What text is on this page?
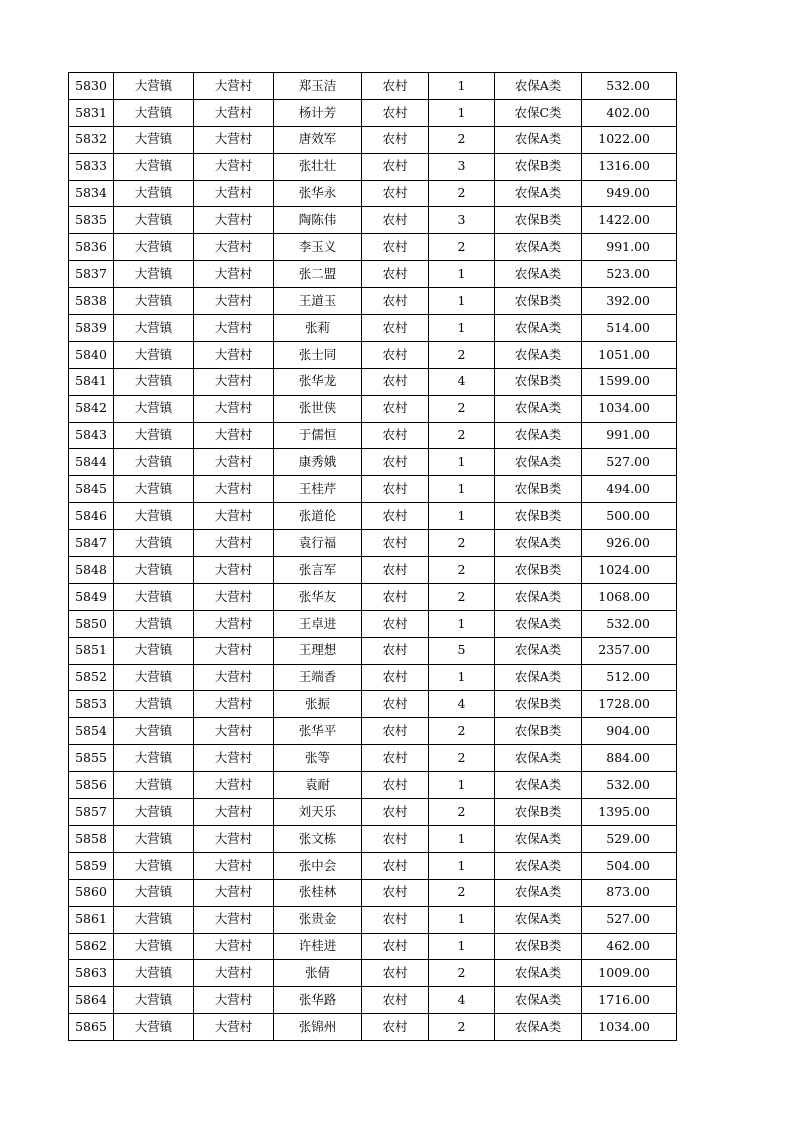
5830	大营镇	大营村	郑玉洁	农村	1	农保A类	532.00
5831	大营镇	大营村	杨计芳	农村	1	农保C类	402.00
5832	大营镇	大营村	唐效军	农村	2	农保A类	1022.00
5833	大营镇	大营村	张壮壮	农村	3	农保B类	1316.00
5834	大营镇	大营村	张华永	农村	2	农保A类	949.00
5835	大营镇	大营村	陶陈伟	农村	3	农保B类	1422.00
5836	大营镇	大营村	李玉义	农村	2	农保A类	991.00
5837	大营镇	大营村	张二盟	农村	1	农保A类	523.00
5838	大营镇	大营村	王道玉	农村	1	农保B类	392.00
5839	大营镇	大营村	张莉	农村	1	农保A类	514.00
5840	大营镇	大营村	张士同	农村	2	农保A类	1051.00
5841	大营镇	大营村	张华龙	农村	4	农保B类	1599.00
5842	大营镇	大营村	张世侠	农村	2	农保A类	1034.00
5843	大营镇	大营村	于儒恒	农村	2	农保A类	991.00
5844	大营镇	大营村	康秀娥	农村	1	农保A类	527.00
5845	大营镇	大营村	王桂芹	农村	1	农保B类	494.00
5846	大营镇	大营村	张道伦	农村	1	农保B类	500.00
5847	大营镇	大营村	袁行福	农村	2	农保A类	926.00
5848	大营镇	大营村	张言军	农村	2	农保B类	1024.00
5849	大营镇	大营村	张华友	农村	2	农保A类	1068.00
5850	大营镇	大营村	王卓进	农村	1	农保A类	532.00
5851	大营镇	大营村	王理想	农村	5	农保A类	2357.00
5852	大营镇	大营村	王端香	农村	1	农保A类	512.00
5853	大营镇	大营村	张振	农村	4	农保B类	1728.00
5854	大营镇	大营村	张华平	农村	2	农保B类	904.00
5855	大营镇	大营村	张等	农村	2	农保A类	884.00
5856	大营镇	大营村	袁耐	农村	1	农保A类	532.00
5857	大营镇	大营村	刘天乐	农村	2	农保B类	1395.00
5858	大营镇	大营村	张文栋	农村	1	农保A类	529.00
5859	大营镇	大营村	张中会	农村	1	农保A类	504.00
5860	大营镇	大营村	张桂林	农村	2	农保A类	873.00
5861	大营镇	大营村	张贵金	农村	1	农保A类	527.00
5862	大营镇	大营村	许桂进	农村	1	农保B类	462.00
5863	大营镇	大营村	张倩	农村	2	农保A类	1009.00
5864	大营镇	大营村	张华路	农村	4	农保A类	1716.00
5865	大营镇	大营村	张锦州	农村	2	农保A类	1034.00
